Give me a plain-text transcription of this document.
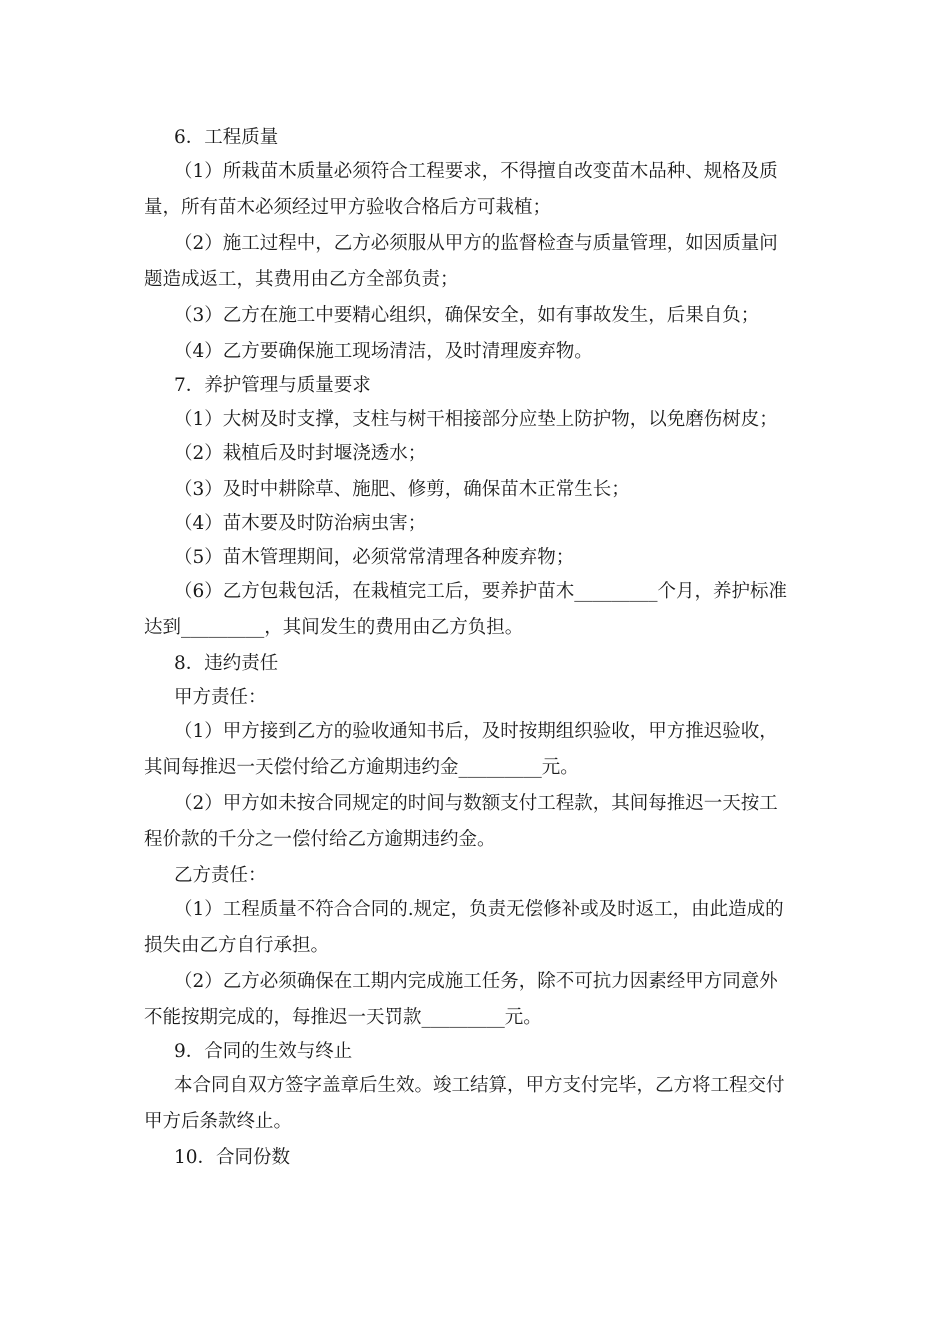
6．工程质量
（1）所栽苗木质量必须符合工程要求，不得擅自改变苗木品种、规格及质
量，所有苗木必须经过甲方验收合格后方可栽植；
（2）施工过程中，乙方必须服从甲方的监督检查与质量管理，如因质量问
题造成返工，其费用由乙方全部负责；
（3）乙方在施工中要精心组织，确保安全，如有事故发生，后果自负；
（4）乙方要确保施工现场清洁，及时清理废弃物。
7．养护管理与质量要求
（1）大树及时支撑，支柱与树干相接部分应垫上防护物，以免磨伤树皮；
（2）栽植后及时封堰浇透水；
（3）及时中耕除草、施肥、修剪，确保苗木正常生长；
（4）苗木要及时防治病虫害；
（5）苗木管理期间，必须常常清理各种废弃物；
（6）乙方包栽包活，在栽植完工后，要养护苗木_________个月，养护标准
达到_________，其间发生的费用由乙方负担。
8．违约责任
甲方责任：
（1）甲方接到乙方的验收通知书后，及时按期组织验收，甲方推迟验收，
其间每推迟一天偿付给乙方逾期违约金_________元。
（2）甲方如未按合同规定的时间与数额支付工程款，其间每推迟一天按工
程价款的千分之一偿付给乙方逾期违约金。
乙方责任：
（1）工程质量不符合合同的.规定，负责无偿修补或及时返工，由此造成的
损失由乙方自行承担。
（2）乙方必须确保在工期内完成施工任务，除不可抗力因素经甲方同意外
不能按期完成的，每推迟一天罚款_________元。
9．合同的生效与终止
本合同自双方签字盖章后生效。竣工结算，甲方支付完毕，乙方将工程交付
甲方后条款终止。
10．合同份数
